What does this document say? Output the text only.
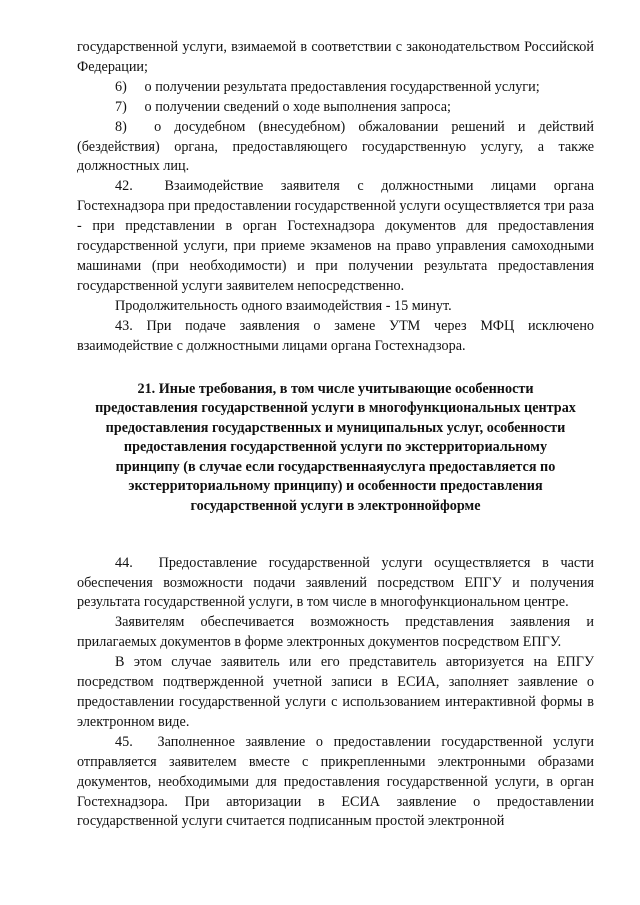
государственной услуги, взимаемой в соответствии с законодательством Российской Федерации;

6)  о получении результата предоставления государственной услуги;

7)  о получении сведений о ходе выполнения запроса;

8)  о досудебном (внесудебном) обжаловании решений и действий (бездействия) органа, предоставляющего государственную услугу, а также должностных лиц.

42.  Взаимодействие заявителя с должностными лицами органа Гостехнадзора при предоставлении государственной услуги осуществляется три раза - при представлении в орган Гостехнадзора документов для предоставления государственной услуги, при приеме экзаменов на право управления самоходными машинами (при необходимости) и при получении результата предоставления государственной услуги заявителем непосредственно.

Продолжительность одного взаимодействия - 15 минут.

43. При подаче заявления о замене УТМ через МФЦ исключено взаимодействие с должностными лицами органа Гостехнадзора.

21. Иные требования, в том числе учитывающие особенности
предоставления государственной услуги в многофункциональных центрах
предоставления государственных и муниципальных услуг, особенности
предоставления государственной услуги по экстерриториальному
принципу (в случае если государственнаяуслуга предоставляется по
экстерриториальному принципу) и особенности предоставления
государственной услуги в электроннойформе

44.  Предоставление государственной услуги осуществляется в части обеспечения возможности подачи заявлений посредством ЕПГУ и получения результата государственной услуги, в том числе в многофункциональном центре.

Заявителям обеспечивается возможность представления заявления и прилагаемых документов в форме электронных документов посредством ЕПГУ.

В этом случае заявитель или его представитель авторизуется на ЕПГУ посредством подтвержденной учетной записи в ЕСИА, заполняет заявление о предоставлении государственной услуги с использованием интерактивной формы в электронном виде.

45.  Заполненное заявление о предоставлении государственной услуги отправляется заявителем вместе с прикрепленными электронными образами документов, необходимыми для предоставления государственной услуги, в орган Гостехнадзора. При авторизации в ЕСИА заявление о предоставлении государственной услуги считается подписанным простой электронной
